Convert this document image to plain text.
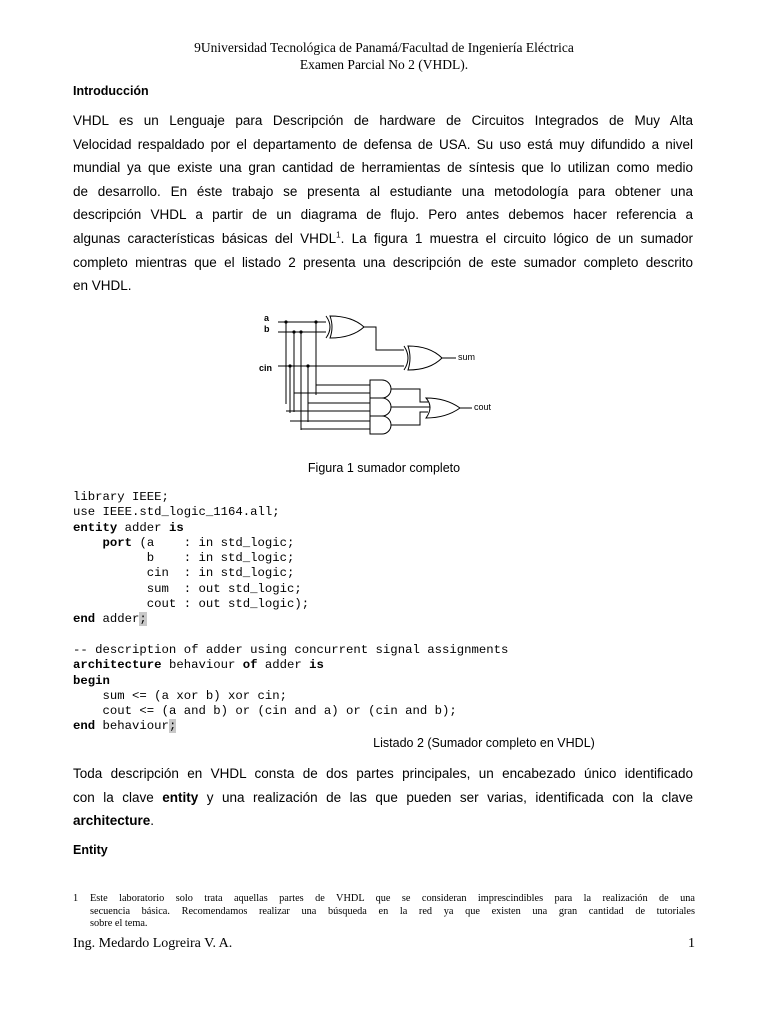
9Universidad Tecnológica de Panamá/Facultad de Ingeniería Eléctrica
Examen Parcial No 2 (VHDL).
Introducción
VHDL es un Lenguaje para Descripción de hardware de Circuitos Integrados de Muy Alta
Velocidad respaldado por el departamento de defensa de USA. Su uso está muy difundido a nivel
mundial ya que existe una gran cantidad de herramientas de síntesis que lo utilizan como medio
de desarrollo. En éste trabajo se presenta al estudiante una metodología para obtener una
descripción VHDL a partir de un diagrama de flujo. Pero antes debemos hacer referencia a
algunas características básicas del VHDL$^1$. La figura 1 muestra el circuito lógico de un sumador
completo mientras que el listado 2 presenta una descripción de este sumador completo descrito
en VHDL.
a
b
cin
sum
cout
Figura 1 sumador completo
library IEEE;
use IEEE.std_logic_1164.all;
entity adder is
port (a    : in std_logic;
b    : in std_logic;
cin  : in std_logic;
sum  : out std_logic;
cout : out std_logic);
end adder;

-- description of adder using concurrent signal assignments
architecture behaviour of adder is
begin
sum <= (a xor b) xor cin;
cout <= (a and b) or (cin and a) or (cin and b);
end behaviour;
Listado 2 (Sumador completo en VHDL)
Toda descripción en VHDL consta de dos partes principales, un encabezado único identificado
con la clave entity y una realización de las que pueden ser varias, identificada con la clave
architecture.
Entity
1 Este laboratorio solo trata aquellas partes de VHDL que se consideran imprescindibles para la realización de una
secuencia básica. Recomendamos realizar una búsqueda en la red ya que existen una gran cantidad de tutoriales
sobre el tema.
Ing. Medardo Logreira V. A.	1
